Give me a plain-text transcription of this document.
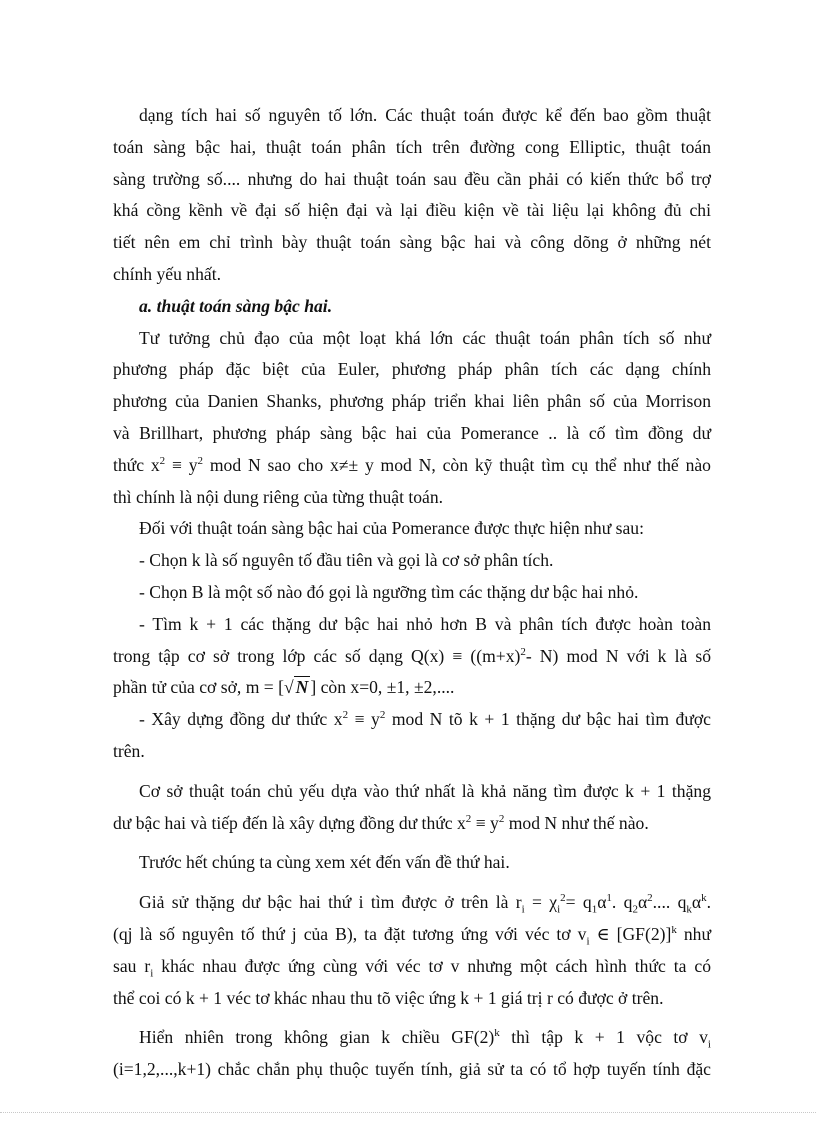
dạng tích hai số nguyên tố lớn. Các thuật toán được kể đến bao gồm thuật
toán sàng bậc hai, thuật toán phân tích trên đường cong Elliptic, thuật toán
sàng trường số.... nhưng do hai thuật toán sau đều cần phải có kiến thức bổ trợ
khá cồng kềnh về đại số hiện đại và lại điều kiện về tài liệu lại không đủ chi
tiết nên em chỉ trình bày thuật toán sàng bậc hai và công dõng ở những nét
chính yếu nhất.
a. thuật toán sàng bậc hai.
Tư tưởng chủ đạo của một loạt khá lớn các thuật toán phân tích số như
phương pháp đặc biệt của Euler, phương pháp phân tích các dạng chính
phương của Danien Shanks, phương pháp triển khai liên phân số của Morrison
và Brillhart, phương pháp sàng bậc hai của Pomerance .. là cố tìm đồng dư
thức $x^2 \equiv y^2$ mod N sao cho x≠± y mod N, còn kỹ thuật tìm cụ thể như thế nào
thì chính là nội dung riêng của từng thuật toán.
Đối với thuật toán sàng bậc hai của Pomerance được thực hiện như sau:
- Chọn k là số nguyên tố đầu tiên và gọi là cơ sở phân tích.
- Chọn B là một số nào đó gọi là ngưỡng tìm các thặng dư bậc hai nhỏ.
- Tìm k + 1 các thặng dư bậc hai nhỏ hơn B và phân tích được hoàn toàn
trong tập cơ sở trong lớp các số dạng $Q(x) \equiv ((m+x)^2-$ N) mod N với k là số
phần tử của cơ sở, m = [√ N ] còn x=0, ±1, ±2,....
- Xây dựng đồng dư thức $x^2 \equiv y^2$ mod N tõ k + 1 thặng dư bậc hai tìm được
trên.
Cơ sở thuật toán chủ yếu dựa vào thứ nhất là khả năng tìm được k + 1 thặng
dư bậc hai và tiếp đến là xây dựng đồng dư thức $x^2 \equiv y^2$ mod N như thế nào.
Trước hết chúng ta cùng xem xét đến vấn đề thứ hai.
Giả sử thặng dư bậc hai thứ i tìm được ở trên là $r_i = \chi_i^2= q_1\alpha^1$. $q_2\alpha^2$.... $q_k\alpha^k$.
(qj là số nguyên tố thứ j của B), ta đặt tương ứng với véc tơ $v_i$ ∈ $[GF(2)]^k$ như
sau $r_i$ khác nhau được ứng cùng với véc tơ v nhưng một cách hình thức ta có
thể coi có k + 1 véc tơ khác nhau thu tõ việc ứng k + 1 giá trị r có được ở trên.
Hiển nhiên trong không gian k chiều $GF(2)^k$ thì tập k + 1 vộc tơ $v_i$
(i=1,2,...,k+1) chắc chắn phụ thuộc tuyến tính, giả sử ta có tổ hợp tuyến tính đặc
